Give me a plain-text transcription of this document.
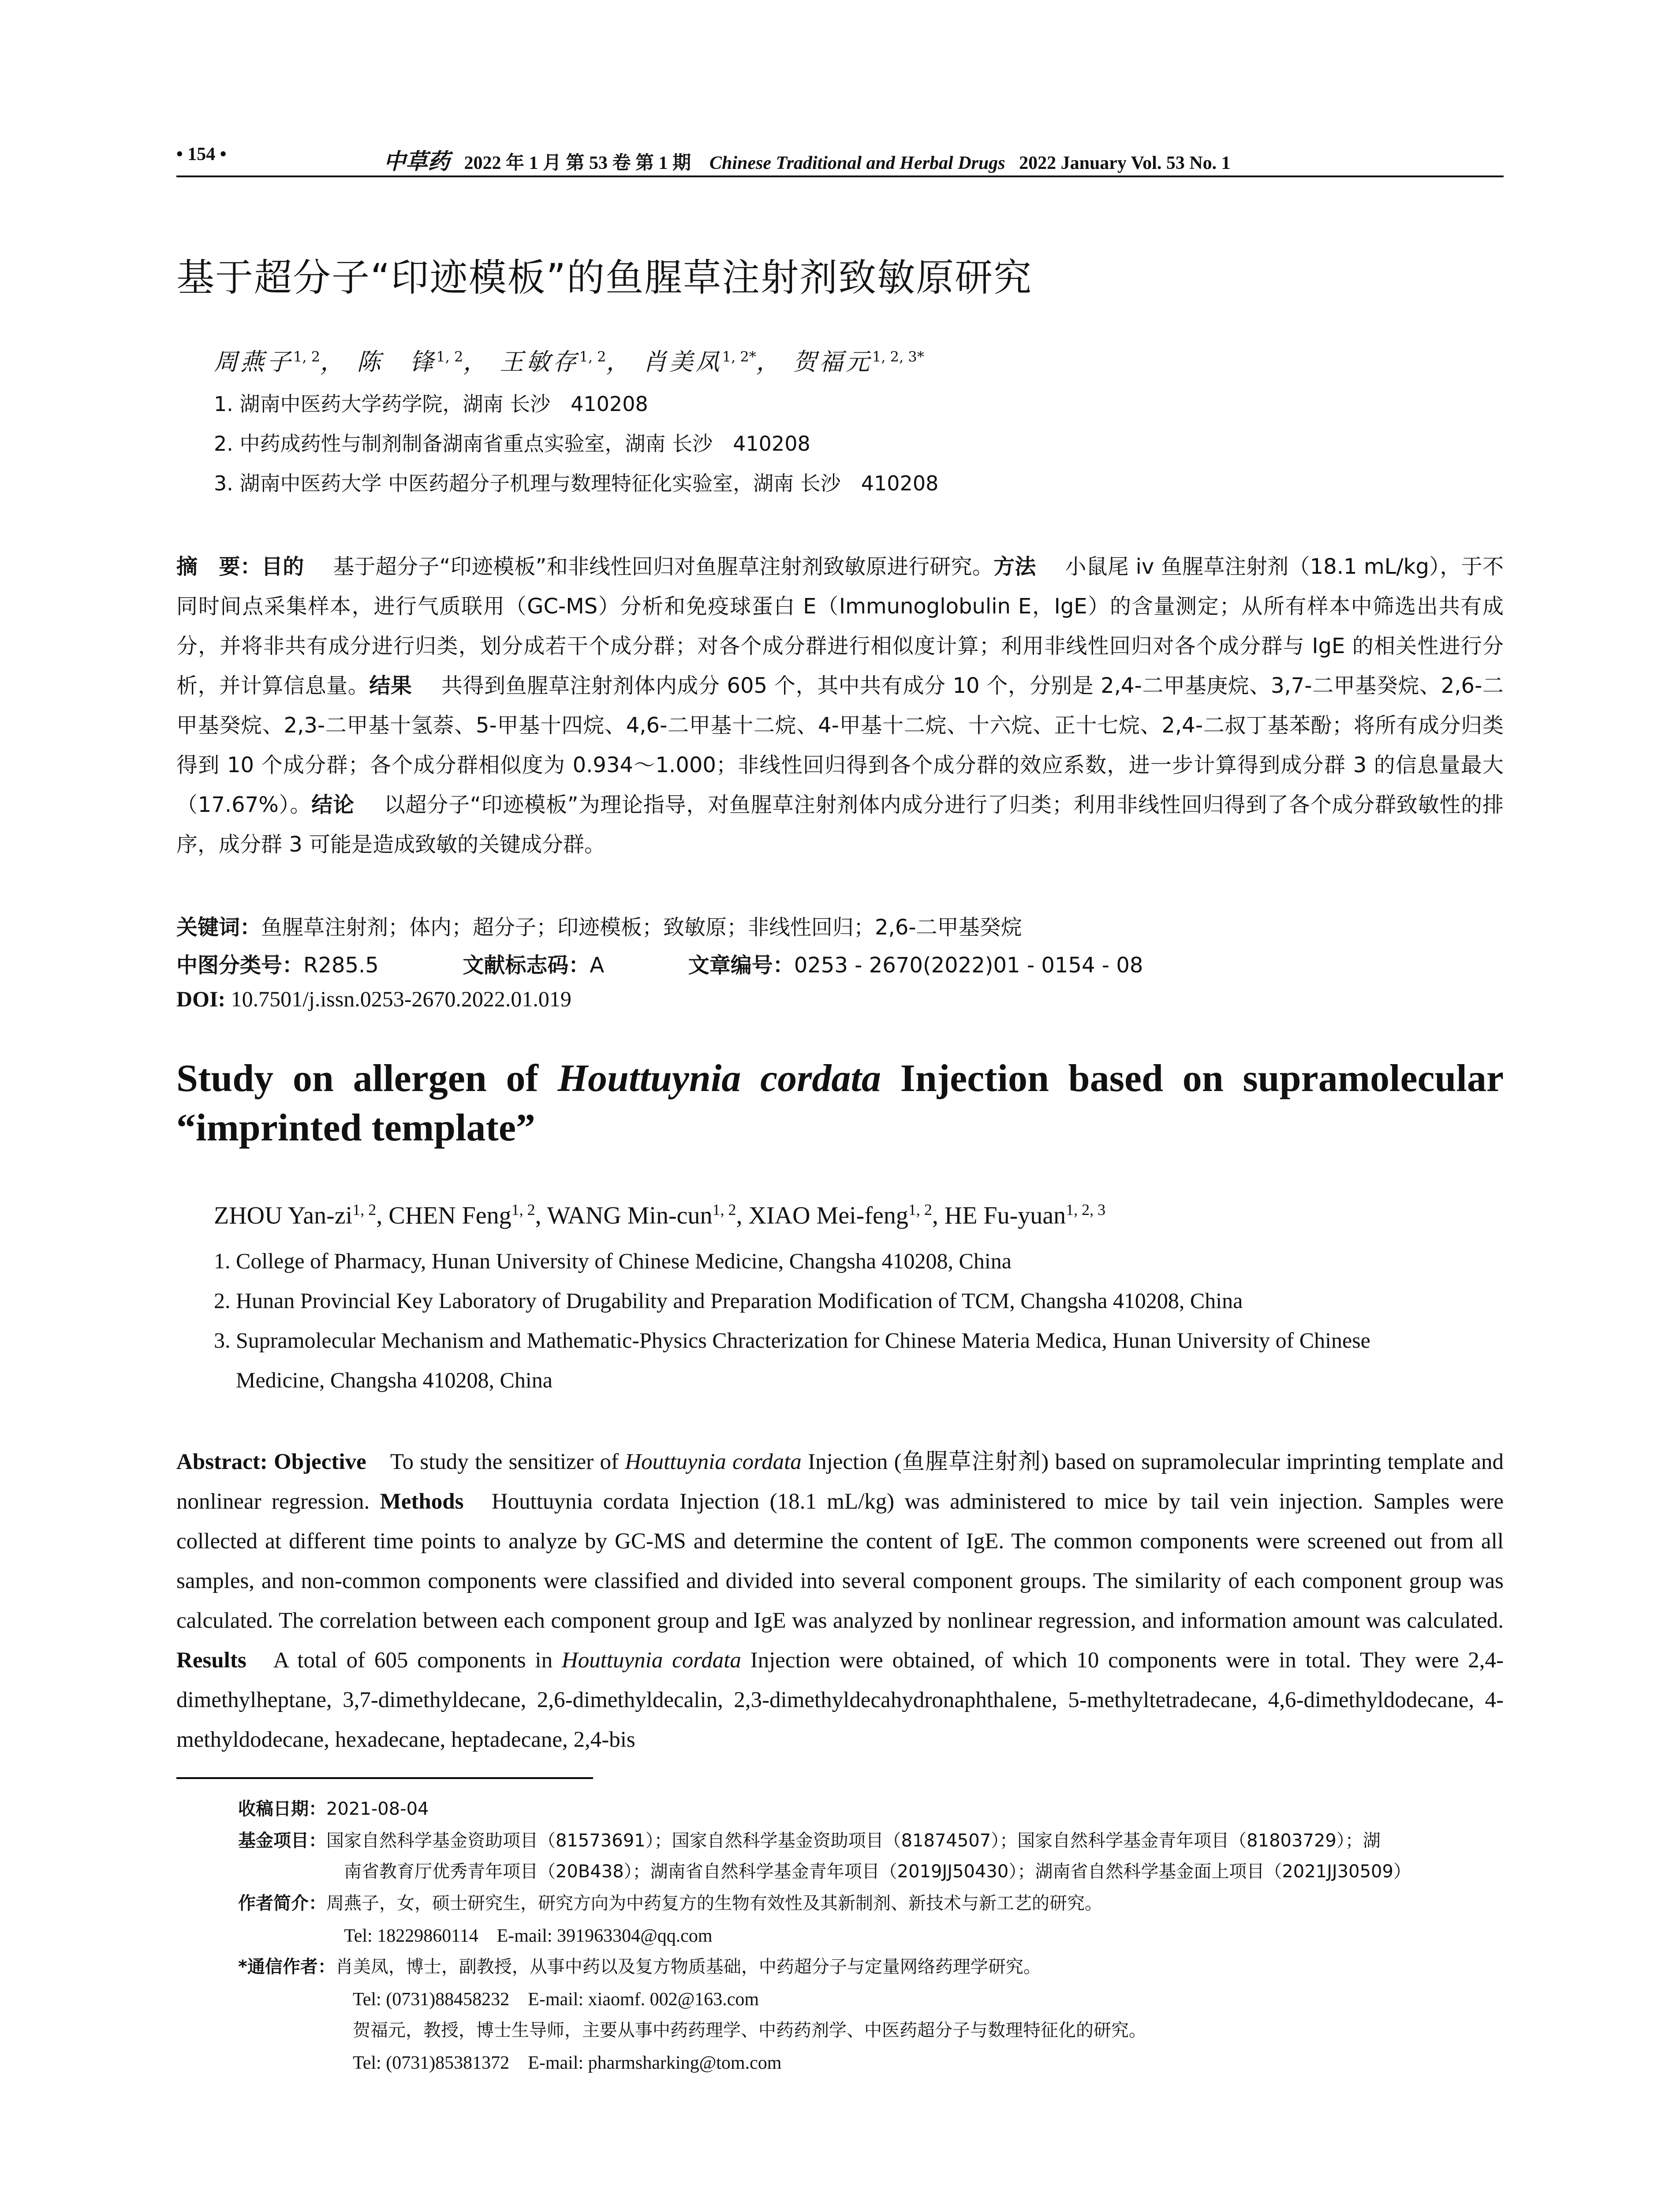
• 154 •	中草药 2022 年 1 月 第 53 卷 第 1 期 Chinese Traditional and Herbal Drugs 2022 January Vol. 53 No. 1
基于超分子“印迹模板”的鱼腥草注射剂致敏原研究
周燕子$^{1, 2}$， 陈　锋$^{1, 2}$， 王敏存$^{1, 2}$， 肖美凤$^{1, 2*}$， 贺福元$^{1, 2, 3*}$
1. 湖南中医药大学药学院，湖南 长沙　410208
2. 中药成药性与制剂制备湖南省重点实验室，湖南 长沙　410208
3. 湖南中医药大学 中医药超分子机理与数理特征化实验室，湖南 长沙　410208
摘　要：目的 基于超分子“印迹模板”和非线性回归对鱼腥草注射剂致敏原进行研究。方法 小鼠尾 iv 鱼腥草注射剂（18.1 mL/kg），于不同时间点采集样本，进行气质联用（GC-MS）分析和免疫球蛋白 E（Immunoglobulin E，IgE）的含量测定；从所有样本中筛选出共有成分，并将非共有成分进行归类，划分成若干个成分群；对各个成分群进行相似度计算；利用非线性回归对各个成分群与 IgE 的相关性进行分析，并计算信息量。结果 共得到鱼腥草注射剂体内成分 605 个，其中共有成分 10 个，分别是 2,4-二甲基庚烷、3,7-二甲基癸烷、2,6-二甲基癸烷、2,3-二甲基十氢萘、5-甲基十四烷、4,6-二甲基十二烷、4-甲基十二烷、十六烷、正十七烷、2,4-二叔丁基苯酚；将所有成分归类得到 10 个成分群；各个成分群相似度为 0.934～1.000；非线性回归得到各个成分群的效应系数，进一步计算得到成分群 3 的信息量最大（17.67%）。结论 以超分子“印迹模板”为理论指导，对鱼腥草注射剂体内成分进行了归类；利用非线性回归得到了各个成分群致敏性的排序，成分群 3 可能是造成致敏的关键成分群。
关键词：鱼腥草注射剂；体内；超分子；印迹模板；致敏原；非线性回归；2,6-二甲基癸烷
中图分类号：R285.5	文献标志码：A	文章编号：0253 - 2670(2022)01 - 0154 - 08
DOI: 10.7501/j.issn.0253-2670.2022.01.019
Study on allergen of Houttuynia cordata Injection based on supramolecular “imprinted template”
ZHOU Yan-zi$^{1, 2}$, CHEN Feng$^{1, 2}$, WANG Min-cun$^{1, 2}$, XIAO Mei-feng$^{1, 2}$, HE Fu-yuan$^{1, 2, 3}$
1. College of Pharmacy, Hunan University of Chinese Medicine, Changsha 410208, China
2. Hunan Provincial Key Laboratory of Drugability and Preparation Modification of TCM, Changsha 410208, China
3. Supramolecular Mechanism and Mathematic-Physics Chracterization for Chinese Materia Medica, Hunan University of Chinese
Medicine, Changsha 410208, China
Abstract: Objective To study the sensitizer of Houttuynia cordata Injection (鱼腥草注射剂) based on supramolecular imprinting template and nonlinear regression. Methods Houttuynia cordata Injection (18.1 mL/kg) was administered to mice by tail vein injection. Samples were collected at different time points to analyze by GC-MS and determine the content of IgE. The common components were screened out from all samples, and non-common components were classified and divided into several component groups. The similarity of each component group was calculated. The correlation between each component group and IgE was analyzed by nonlinear regression, and information amount was calculated. Results A total of 605 components in Houttuynia cordata Injection were obtained, of which 10 components were in total. They were 2,4-dimethylheptane, 3,7-dimethyldecane, 2,6-dimethyldecalin, 2,3-dimethyldecahydronaphthalene, 5-methyltetradecane, 4,6-dimethyldodecane, 4-methyldodecane, hexadecane, heptadecane, 2,4-bis
收稿日期：2021-08-04
基金项目：国家自然科学基金资助项目（81573691）；国家自然科学基金资助项目（81874507）；国家自然科学基金青年项目（81803729）；湖
南省教育厅优秀青年项目（20B438）；湖南省自然科学基金青年项目（2019JJ50430）；湖南省自然科学基金面上项目（2021JJ30509）
作者简介：周燕子，女，硕士研究生，研究方向为中药复方的生物有效性及其新制剂、新技术与新工艺的研究。
Tel: 18229860114　E-mail: 391963304@qq.com
*通信作者：肖美凤，博士，副教授，从事中药以及复方物质基础，中药超分子与定量网络药理学研究。
Tel: (0731)88458232　E-mail: xiaomf. 002@163.com
贺福元，教授，博士生导师，主要从事中药药理学、中药药剂学、中医药超分子与数理特征化的研究。
Tel: (0731)85381372　E-mail: pharmsharking@tom.com
